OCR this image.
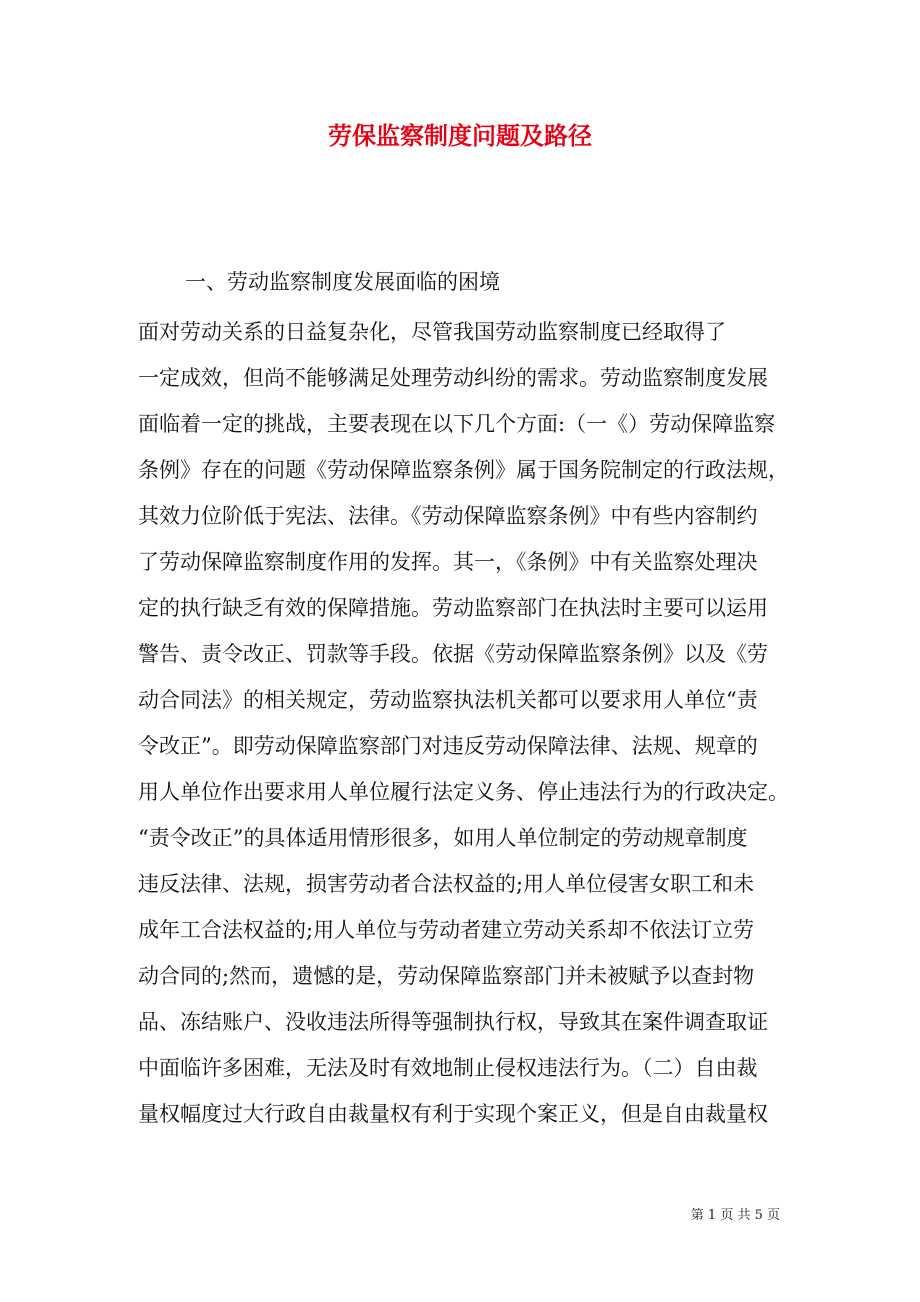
劳保监察制度问题及路径
一、劳动监察制度发展面临的困境
面对劳动关系的日益复杂化，尽管我国劳动监察制度已经取得了
一定成效，但尚不能够满足处理劳动纠纷的需求。劳动监察制度发展
面临着一定的挑战，主要表现在以下几个方面:（一《）劳动保障监察
条例》存在的问题《劳动保障监察条例》属于国务院制定的行政法规，
其效力位阶低于宪法、法律。《劳动保障监察条例》中有些内容制约
了劳动保障监察制度作用的发挥。其一，《条例》中有关监察处理决
定的执行缺乏有效的保障措施。劳动监察部门在执法时主要可以运用
警告、责令改正、罚款等手段。依据《劳动保障监察条例》以及《劳
动合同法》的相关规定，劳动监察执法机关都可以要求用人单位“责
令改正”。即劳动保障监察部门对违反劳动保障法律、法规、规章的
用人单位作出要求用人单位履行法定义务、停止违法行为的行政决定。
“责令改正”的具体适用情形很多，如用人单位制定的劳动规章制度
违反法律、法规，损害劳动者合法权益的;用人单位侵害女职工和未
成年工合法权益的;用人单位与劳动者建立劳动关系却不依法订立劳
动合同的;然而，遗憾的是，劳动保障监察部门并未被赋予以查封物
品、冻结账户、没收违法所得等强制执行权，导致其在案件调查取证
中面临许多困难，无法及时有效地制止侵权违法行为。（二）自由裁
量权幅度过大行政自由裁量权有利于实现个案正义，但是自由裁量权
第 1 页 共 5 页
